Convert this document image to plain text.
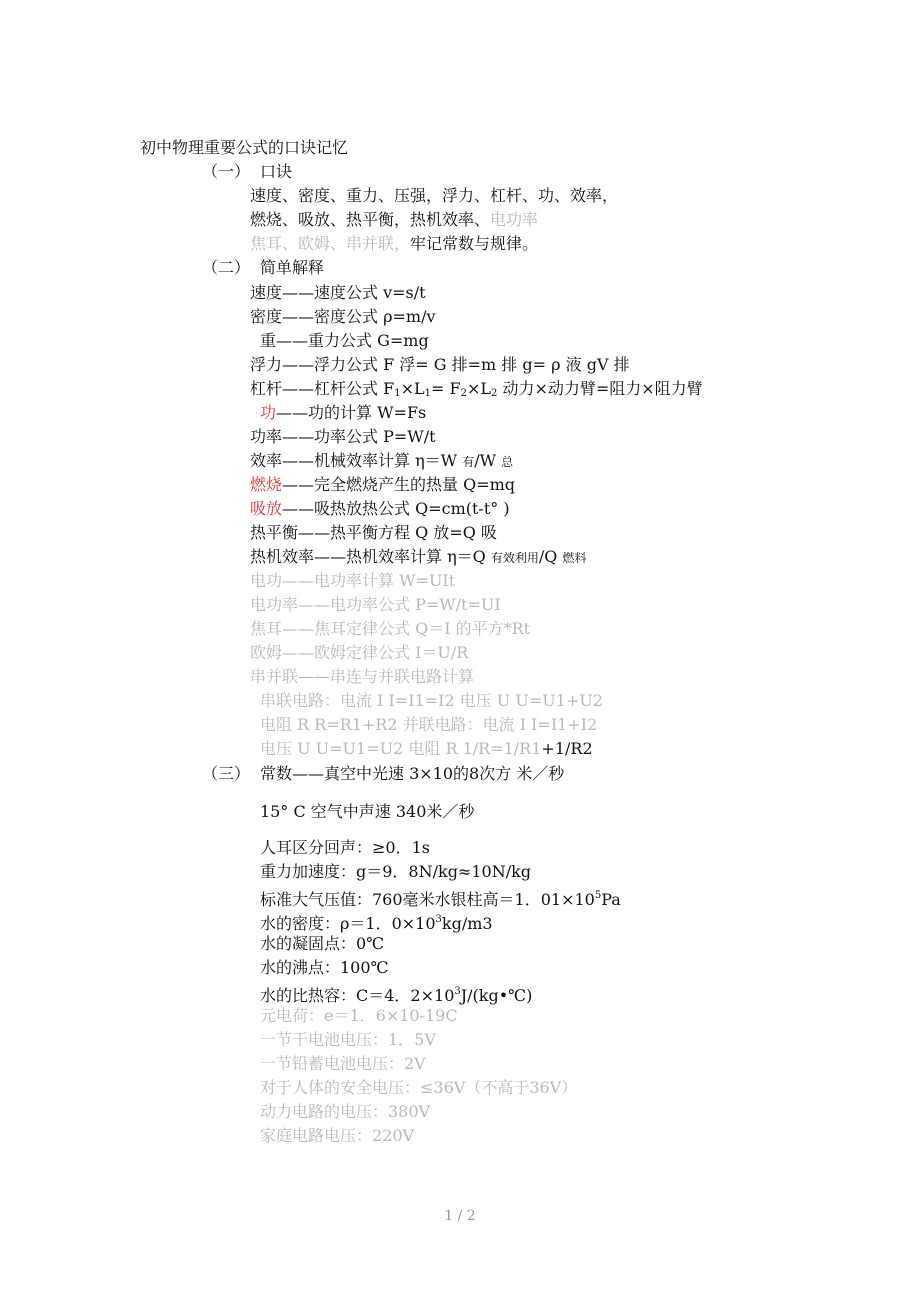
初中物理重要公式的口诀记忆
（一） 口诀
速度、密度、重力、压强，浮力、杠杆、功、效率，
燃烧、吸放、热平衡，热机效率、电功率
焦耳、欧姆、串并联，牢记常数与规律。
（二） 简单解释
速度——速度公式 v=s/t
密度——密度公式 ρ=m/v
重——重力公式 G=mg
浮力——浮力公式 F 浮= G 排=m 排 g= ρ 液 gV 排
杠杆——杠杆公式 $F_1\times L_1= F_2\times L_2$ 动力×动力臂=阻力×阻力臂
功——功的计算 W=Fs
功率——功率公式 P=W/t
效率——机械效率计算 η＝W 有/W 总
燃烧——完全燃烧产生的热量 Q=mq
吸放——吸热放热公式 Q=cm(t-t° )
热平衡——热平衡方程 Q 放=Q 吸
热机效率——热机效率计算 η＝Q 有效利用/Q 燃料
电功——电功率计算 W=UIt
电功率——电功率公式 P=W/t=UI
焦耳——焦耳定律公式 Q＝I 的平方*Rt
欧姆——欧姆定律公式 I＝U/R
串并联——串连与并联电路计算
串联电路：电流 I I=I1=I2 电压 U U=U1+U2
电阻 R R=R1+R2 并联电路：电流 I I=I1+I2
电压 U U=U1=U2 电阻 R 1/R=1/R1+1/R2
（三） 常数——真空中光速 3×10的8次方 米／秒
15° C 空气中声速 340米／秒
人耳区分回声：≥0．1s
重力加速度：g＝9．8N/kg≈10N/kg
标准大气压值：760毫米水银柱高＝1．$01\times 10^5Pa$
水的密度：ρ＝1．$0\times 10^3kg/m3$
水的凝固点：0℃
水的沸点：100℃
水的比热容：C＝4．$2\times 10^3J/(kg•℃)$
元电荷：e＝1．6×10-19C
一节干电池电压：1．5V
一节铅蓄电池电压：2V
对于人体的安全电压：≤36V（不高于36V）
动力电路的电压：380V
家庭电路电压：220V
1 / 2
